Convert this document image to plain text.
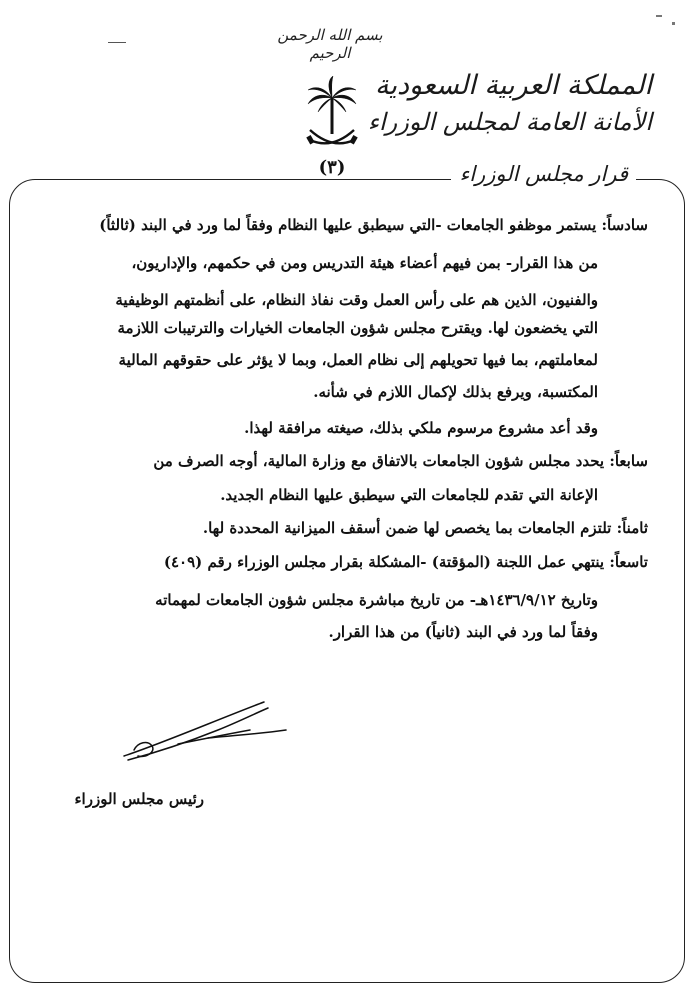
بسم الله الرحمن الرحيم
(٣)
المملكة العربية السعودية
الأمانة العامة لمجلس الوزراء
قرار مجلس الوزراء
سادساً: يستمر موظفو الجامعات -التي سيطبق عليها النظام وفقاً لما ورد في البند (ثالثاً)
من هذا القرار- بمن فيهم أعضاء هيئة التدريس ومن في حكمهم، والإداريون،
والفنيون، الذين هم على رأس العمل وقت نفاذ النظام، على أنظمتهم الوظيفية
التي يخضعون لها. ويقترح مجلس شؤون الجامعات الخيارات والترتيبات اللازمة
لمعاملتهم، بما فيها تحويلهم إلى نظام العمل، وبما لا يؤثر على حقوقهم المالية
المكتسبة، ويرفع بذلك لإكمال اللازم في شأنه.
وقد أعد مشروع مرسوم ملكي بذلك، صيغته مرافقة لهذا.
سابعاً: يحدد مجلس شؤون الجامعات بالاتفاق مع وزارة المالية، أوجه الصرف من
الإعانة التي تقدم للجامعات التي سيطبق عليها النظام الجديد.
ثامناً: تلتزم الجامعات بما يخصص لها ضمن أسقف الميزانية المحددة لها.
تاسعاً: ينتهي عمل اللجنة (المؤقتة) -المشكلة بقرار مجلس الوزراء رقم (٤٠٩)
وتاريخ ١٤٣٦/٩/١٢هـ- من تاريخ مباشرة مجلس شؤون الجامعات لمهماته
وفقاً لما ورد في البند (ثانياً) من هذا القرار.
رئيس مجلس الوزراء
